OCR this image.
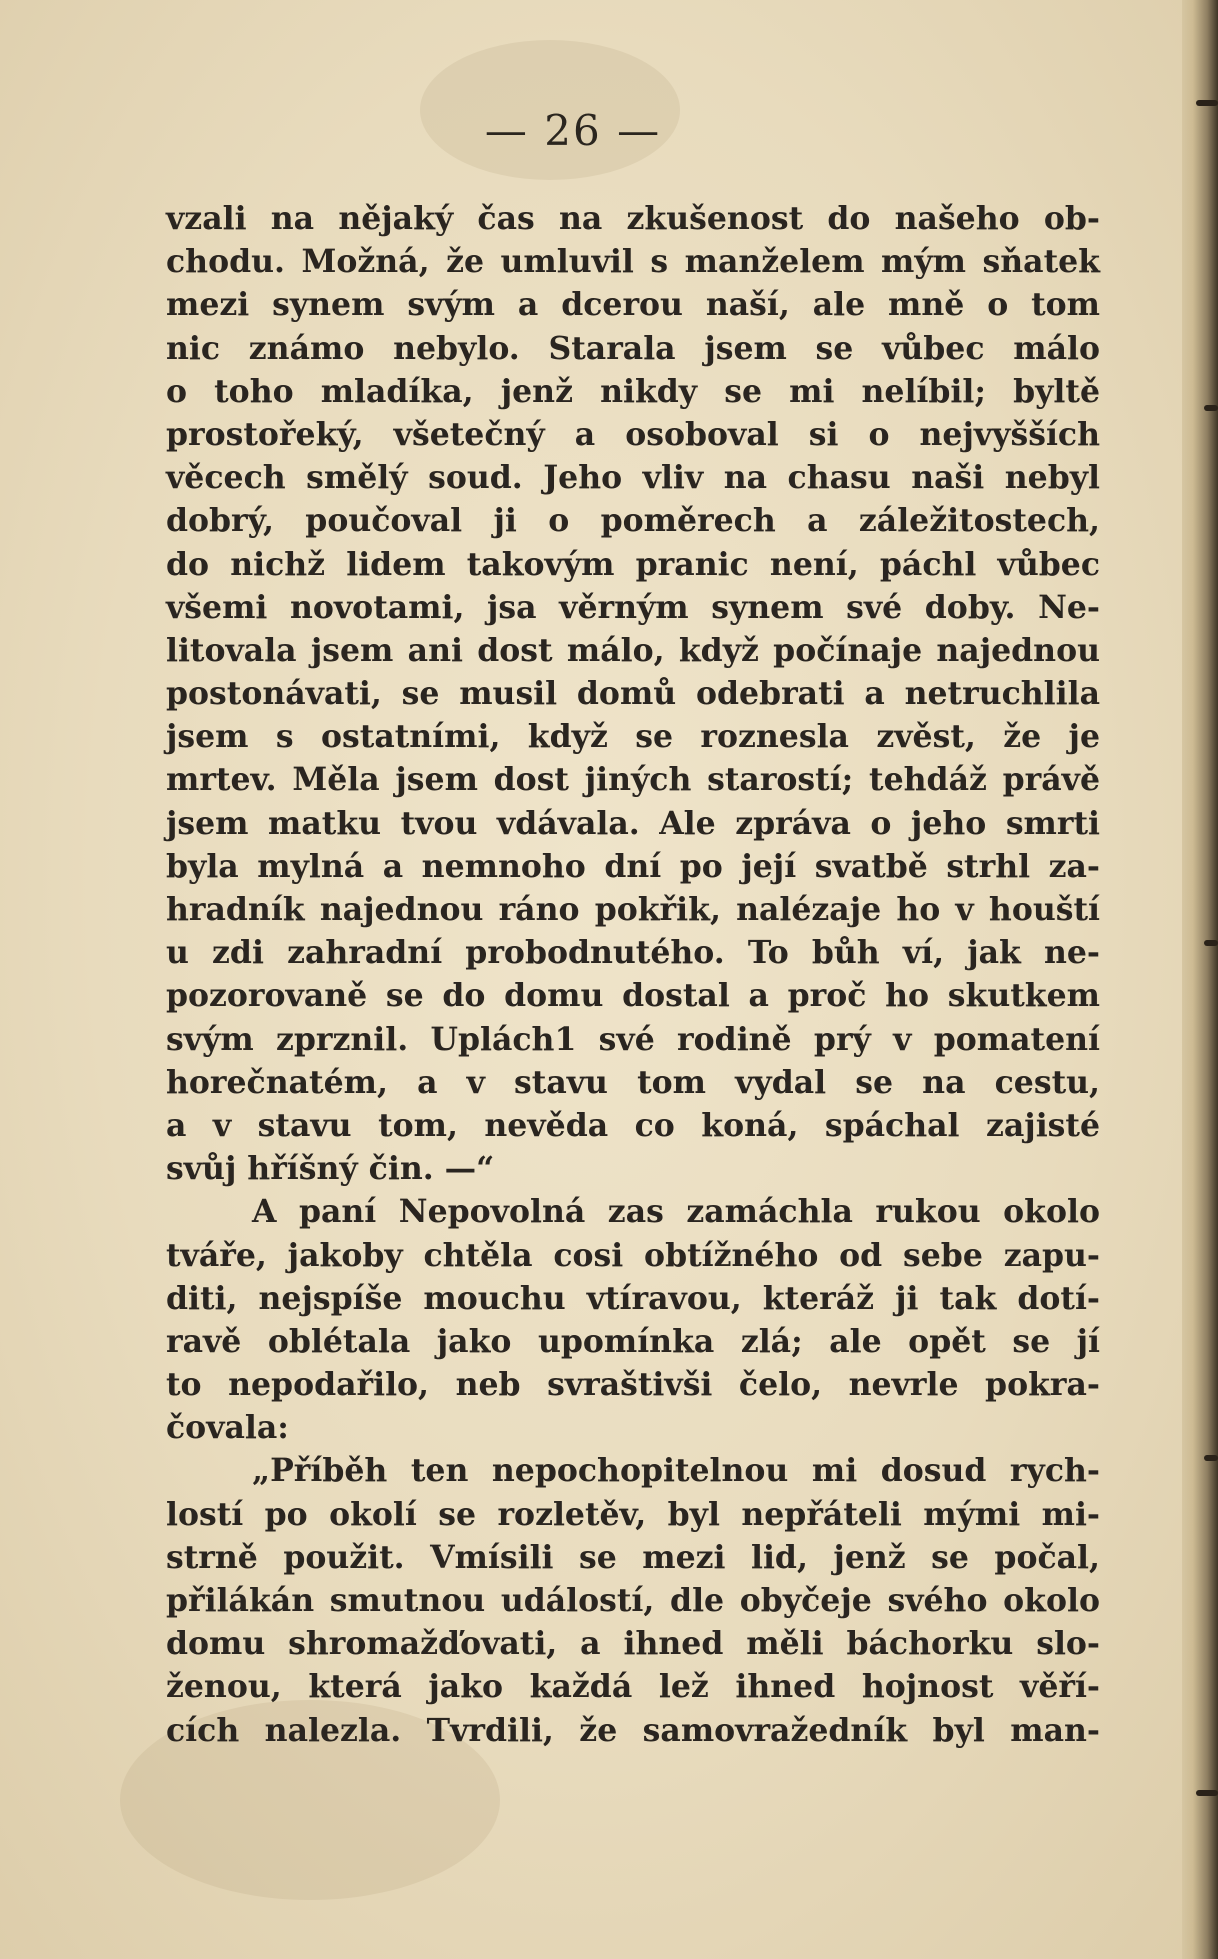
— 26 —
vzali na nějaký čas na zkušenost do našeho ob-
chodu. Možná, že umluvil s manželem mým sňatek
mezi synem svým a dcerou naší, ale mně o tom
nic známo nebylo. Starala jsem se vůbec málo
o toho mladíka, jenž nikdy se mi nelíbil; byltě
prostořeký, všetečný a osoboval si o nejvyšších
věcech smělý soud. Jeho vliv na chasu naši nebyl
dobrý, poučoval ji o poměrech a záležitostech,
do nichž lidem takovým pranic není, páchl vůbec
všemi novotami, jsa věrným synem své doby. Ne-
litovala jsem ani dost málo, když počínaje najednou
postonávati, se musil domů odebrati a netruchlila
jsem s ostatními, když se roznesla zvěst, že je
mrtev. Měla jsem dost jiných starostí; tehdáž právě
jsem matku tvou vdávala. Ale zpráva o jeho smrti
byla mylná a nemnoho dní po její svatbě strhl za-
hradník najednou ráno pokřik, nalézaje ho v houští
u zdi zahradní probodnutého. To bůh ví, jak ne-
pozorovaně se do domu dostal a proč ho skutkem
svým zprznil. Uplách1 své rodině prý v pomatení
horečnatém, a v stavu tom vydal se na cestu,
a v stavu tom, nevěda co koná, spáchal zajisté
svůj hříšný čin. —“
A paní Nepovolná zas zamáchla rukou okolo
tváře, jakoby chtěla cosi obtížného od sebe zapu-
diti, nejspíše mouchu vtíravou, kteráž ji tak dotí-
ravě oblétala jako upomínka zlá; ale opět se jí
to nepodařilo, neb svraštivši čelo, nevrle pokra-
čovala:
„Příběh ten nepochopitelnou mi dosud rych-
lostí po okolí se rozletěv, byl nepřáteli mými mi-
strně použit. Vmísili se mezi lid, jenž se počal,
přilákán smutnou událostí, dle obyčeje svého okolo
domu shromažďovati, a ihned měli báchorku slo-
ženou, která jako každá lež ihned hojnost věří-
cích nalezla. Tvrdili, že samovražedník byl man-
